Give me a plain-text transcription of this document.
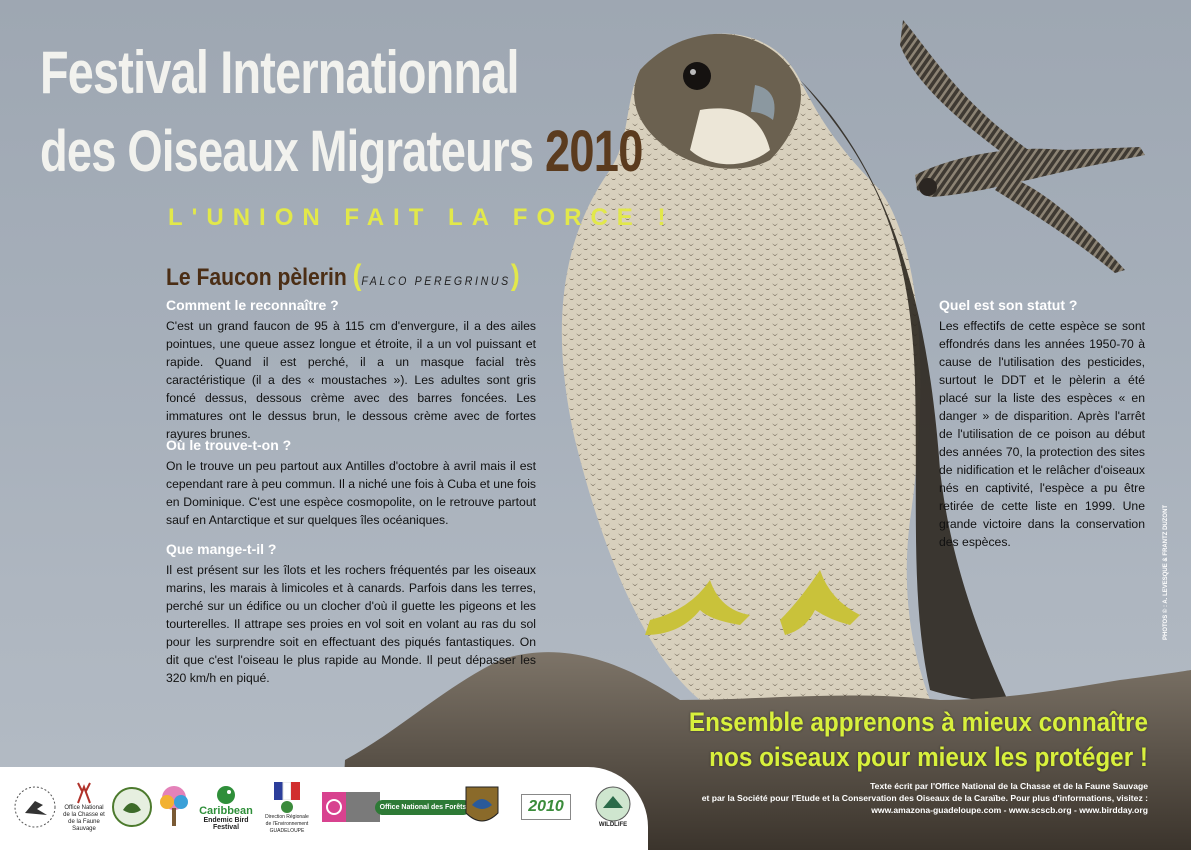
Festival Internationnal
des Oiseaux Migrateurs 2010
L'UNION FAIT LA FORCE !
Le Faucon pèlerin (FALCO PEREGRINUS)
Comment le reconnaître ?

C'est un grand faucon de 95 à 115 cm d'envergure, il a des ailes pointues, une queue assez longue et étroite, il a un vol puissant et rapide. Quand il est perché, il a un masque facial très caractéristique (il a des « moustaches »). Les adultes sont gris foncé dessus, dessous crème avec des barres foncées. Les immatures ont le dessus brun, le dessous crème avec de fortes rayures brunes.

Où le trouve-t-on ?

On le trouve un peu partout aux Antilles d'octobre à avril mais il est cependant rare à peu commun. Il a niché une fois à Cuba et une fois en Dominique. C'est une espèce cosmopolite, on le retrouve partout sauf en Antarctique et sur quelques îles océaniques.

Que mange-t-il ?

Il est présent sur les îlots et les rochers fréquentés par les oiseaux marins, les marais à limicoles et à canards. Parfois dans les terres, perché sur un édifice ou un clocher d'où il guette les pigeons et les tourterelles. Il attrape ses proies en vol soit en volant au ras du sol pour les surprendre soit en effectuant des piqués fantastiques. On dit que c'est l'oiseau le plus rapide au Monde. Il peut dépasser les 320 km/h en piqué.

Quel est son statut ?

Les effectifs de cette espèce se sont effondrés dans les années 1950-70 à cause de l'utilisation des pesticides, surtout le DDT et le pèlerin a été placé sur la liste des espèces « en danger » de disparition. Après l'arrêt de l'utilisation de ce poison au début des années 70, la protection des sites de nidification et le relâcher d'oiseaux nés en captivité, l'espèce a pu être retirée de cette liste en 1999. Une grande victoire dans la conservation des espèces.

Ensemble apprenons à mieux connaître
nos oiseaux pour mieux les protéger !
Texte écrit par l'Office National de la Chasse et de la Faune Sauvage
et par la Société pour l'Etude et la Conservation des Oiseaux de la Caraïbe. Pour plus d'informations, visitez :
www.amazona-guadeloupe.com - www.scscb.org - www.birdday.org
PHOTOS © : A. LEVESQUE & FRANTZ DUZONT
Office National de la Chasse et de la Faune Sauvage
Caribbean
Endemic Bird
Festival
Direction Régionale de l'Environnement GUADELOUPE
Office National des Forêts	2010
WILDLIFE
